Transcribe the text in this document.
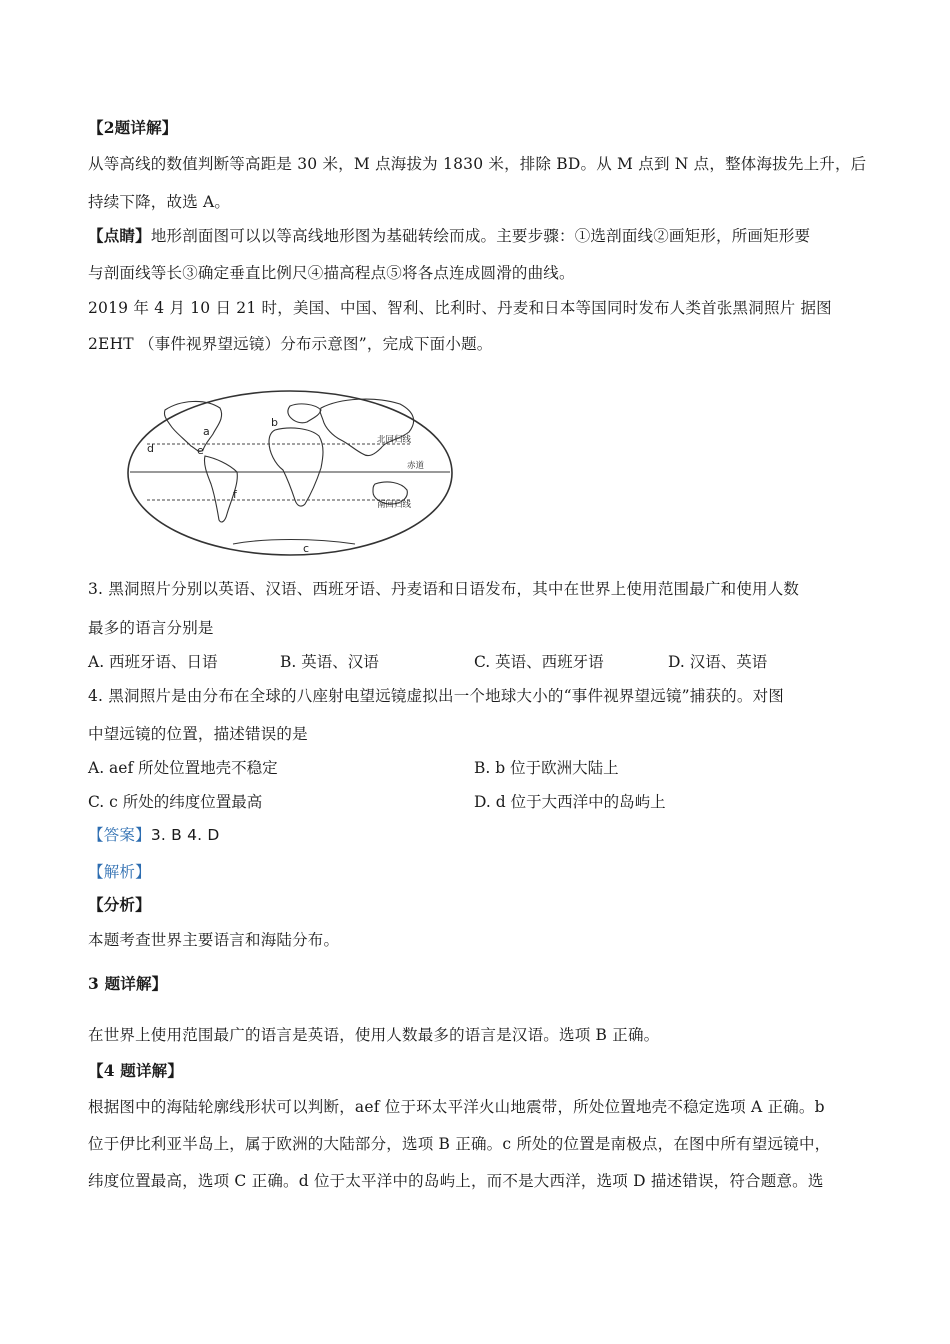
【2题详解】
从等高线的数值判断等高距是 30 米，M 点海拔为 1830 米，排除 BD。从 M 点到 N 点，整体海拔先上升，后
持续下降，故选 A。
【点睛】地形剖面图可以以等高线地形图为基础转绘而成。主要步骤：①选剖面线②画矩形，所画矩形要
与剖面线等长③确定垂直比例尺④描高程点⑤将各点连成圆滑的曲线。
2019 年 4 月 10 日 21 时，美国、中国、智利、比利时、丹麦和日本等国同时发布人类首张黑洞照片 据图
2EHT （事件视界望远镜）分布示意图”，完成下面小题。
a
b
c
d	e
f
北回归线
赤道
南回归线
3. 黑洞照片分别以英语、汉语、西班牙语、丹麦语和日语发布，其中在世界上使用范围最广和使用人数
最多的语言分别是
A. 西班牙语、日语	B. 英语、汉语	C. 英语、西班牙语	D. 汉语、英语
4. 黑洞照片是由分布在全球的八座射电望远镜虚拟出一个地球大小的“事件视界望远镜”捕获的。对图
中望远镜的位置，描述错误的是
A. aef 所处位置地壳不稳定	B. b 位于欧洲大陆上
C. c 所处的纬度位置最高	D. d 位于大西洋中的岛屿上
【答案】3. B 4. D
【解析】
【分析】
本题考查世界主要语言和海陆分布。
3 题详解】
在世界上使用范围最广的语言是英语，使用人数最多的语言是汉语。选项 B 正确。
【4 题详解】
根据图中的海陆轮廓线形状可以判断，aef 位于环太平洋火山地震带，所处位置地壳不稳定选项 A 正确。b
位于伊比利亚半岛上，属于欧洲的大陆部分，选项 B 正确。c 所处的位置是南极点，在图中所有望远镜中，
纬度位置最高，选项 C 正确。d 位于太平洋中的岛屿上，而不是大西洋，选项 D 描述错误，符合题意。选
